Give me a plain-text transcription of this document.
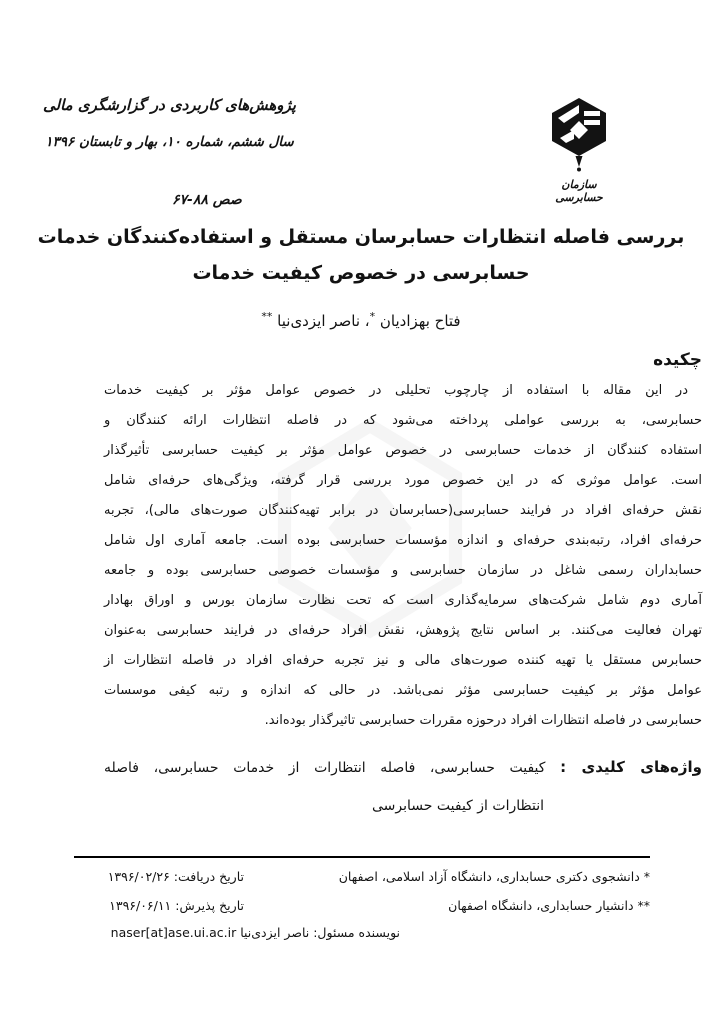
پژوهش‌های کاربردی در گزارشگری مالی
سال ششم، شماره ۱۰، بهار و تابستان ۱۳۹۶
سازمان حسابرسی
صص ۸۸-۶۷
بررسی فاصله انتظارات حسابرسان مستقل و استفاده‌کنندگان خدمات
حسابرسی در خصوص کیفیت خدمات
فتاح بهزادیان *، ناصر ایزدی‌نیا **
چکیده
در این مقاله با استفاده از چارچوب تحلیلی در خصوص عوامل مؤثر بر کیفیت خدمات
حسابرسی، به بررسی عواملی پرداخته می‌شود که در فاصله انتظارات ارائه کنندگان و
استفاده کنندگان از خدمات حسابرسی در خصوص عوامل مؤثر بر کیفیت حسابرسی تأثیرگذار
است. عوامل موثری که در این خصوص مورد بررسی قرار گرفته، ویژگی‌های حرفه‌ای شامل
نقش حرفه‌ای افراد در فرایند حسابرسی(حسابرسان در برابر تهیه‌کنندگان صورت‌های مالی)، تجربه
حرفه‌ای افراد، رتبه‌بندی حرفه‌ای و اندازه مؤسسات حسابرسی بوده است. جامعه آماری اول شامل
حسابداران رسمی شاغل در سازمان حسابرسی و مؤسسات خصوصی حسابرسی بوده و جامعه
آماری دوم شامل شرکت‌های سرمایه‌گذاری است که تحت نظارت سازمان بورس و اوراق بهادار
تهران فعالیت می‌کنند. بر اساس نتایج پژوهش، نقش افراد حرفه‌ای در فرایند حسابرسی به‌عنوان
حسابرس مستقل یا تهیه کننده صورت‌های مالی و نیز تجربه حرفه‌ای افراد در فاصله انتظارات از
عوامل مؤثر بر کیفیت حسابرسی مؤثر نمی‌باشد. در حالی که اندازه و رتبه کیفی موسسات
حسابرسی در فاصله انتظارات افراد درحوزه مقررات حسابرسی تاثیرگذار بوده‌اند.
واژه‌های کلیدی : کیفیت حسابرسی، فاصله انتظارات از خدمات حسابرسی، فاصله
انتظارات از کیفیت حسابرسی
* دانشجوی دکتری حسابداری، دانشگاه آزاد اسلامی، اصفهان
تاریخ دریافت: ۱۳۹۶/۰۲/۲۶
** دانشیار حسابداری، دانشگاه اصفهان
تاریخ پذیرش: ۱۳۹۶/۰۶/۱۱
نویسنده مسئول: ناصر ایزدی‌نیا naser[at]ase.ui.ac.ir
